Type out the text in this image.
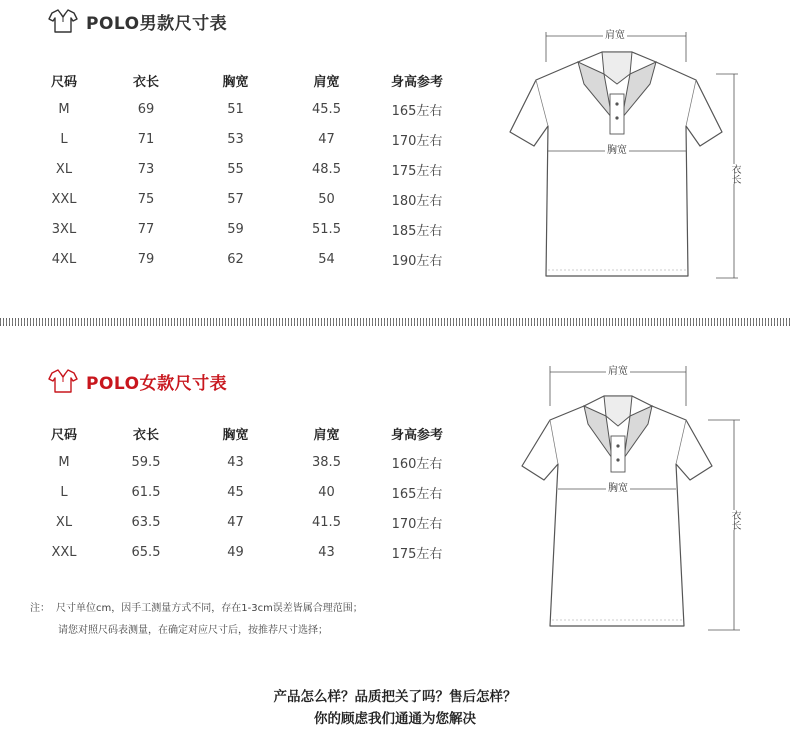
POLO男款尺寸表
尺码	衣长	胸宽	肩宽	身高参考
M	69	51	45.5	165左右
L	71	53	47	170左右
XL	73	55	48.5	175左右
XXL	75	57	50	180左右
3XL	77	59	51.5	185左右
4XL	79	62	54	190左右
肩宽
胸宽
衣长
POLO女款尺寸表
尺码	衣长	胸宽	肩宽	身高参考
M	59.5	43	38.5	160左右
L	61.5	45	40	165左右
XL	63.5	47	41.5	170左右
XXL	65.5	49	43	175左右
肩宽
胸宽
衣长
注： 尺寸单位cm，因手工测量方式不同，存在1-3cm误差皆属合理范围；
请您对照尺码表测量，在确定对应尺寸后，按推荐尺寸选择；
产品怎么样？品质把关了吗？售后怎样？
你的顾虑我们通通为您解决
